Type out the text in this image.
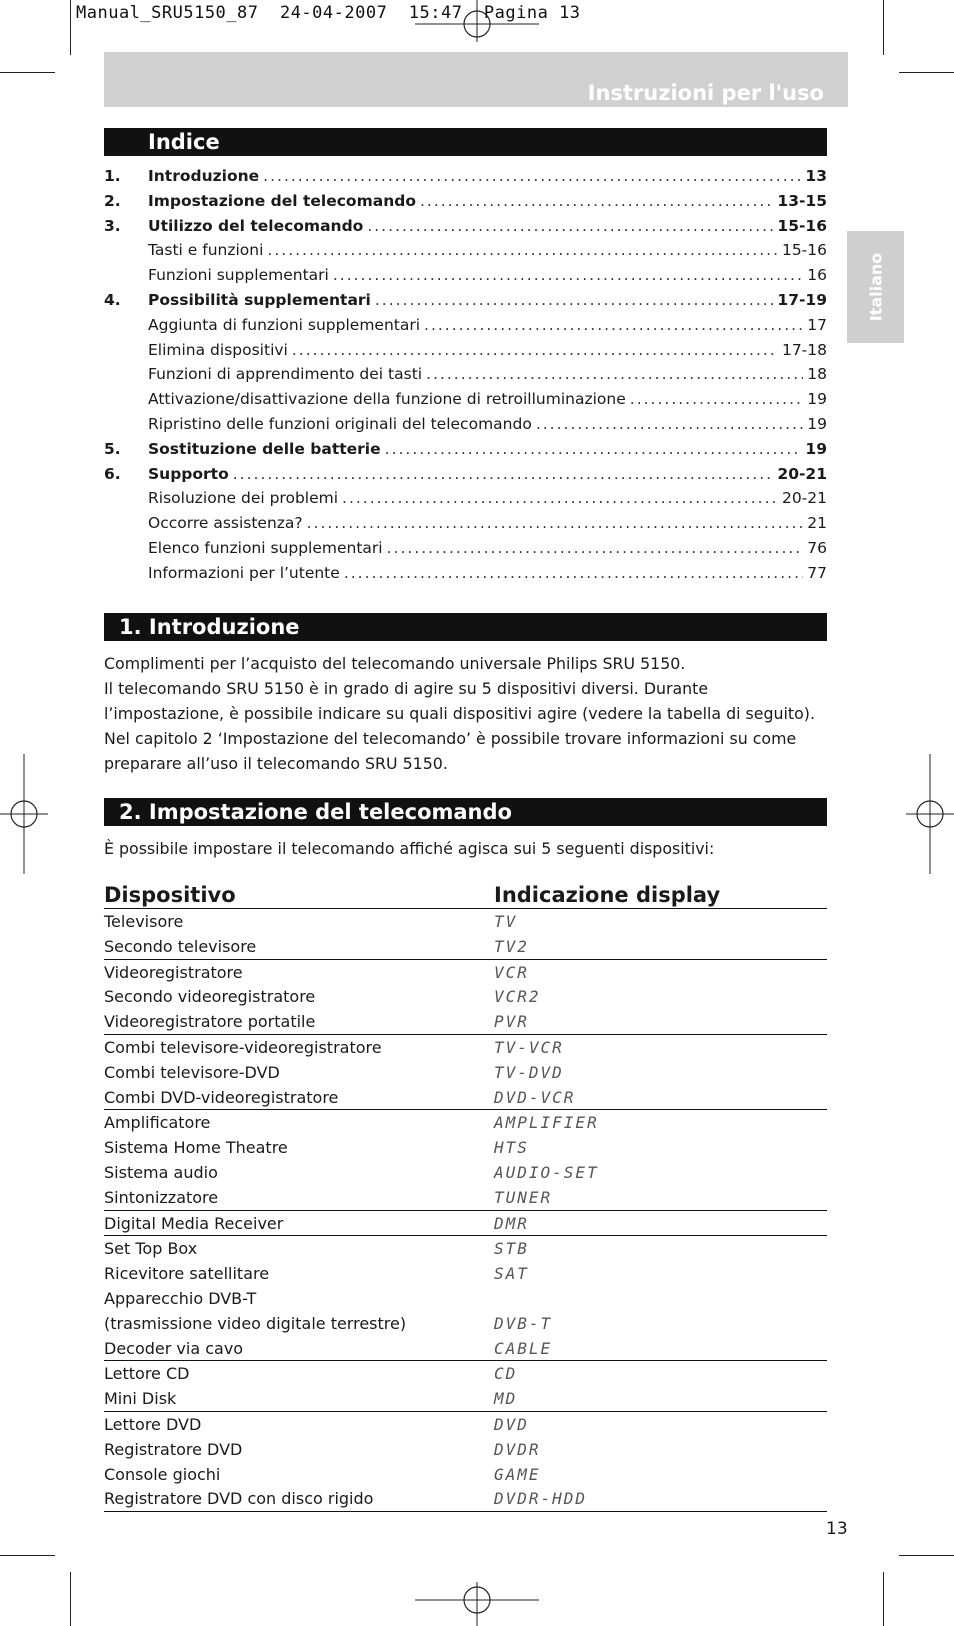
Manual_SRU5150_87  24-04-2007  15:47  Pagina 13
Instruzioni per l'uso
Italiano
Indice
1.	Introduzione .....	13
2.	Impostazione del telecomando .....	13-15
3.	Utilizzo del telecomando .....	15-16
Tasti e funzioni .....	15-16
Funzioni supplementari .....	16
4.	Possibilità supplementari .....	17-19
Aggiunta di funzioni supplementari .....	17
Elimina dispositivi .....	17-18
Funzioni di apprendimento dei tasti .....	18
Attivazione/disattivazione della funzione di retroilluminazione .....	19
Ripristino delle funzioni originali del telecomando .....	19
5.	Sostituzione delle batterie .....	19
6.	Supporto .....	20-21
Risoluzione dei problemi .....	20-21
Occorre assistenza? .....	21
Elenco funzioni supplementari .....	76
Informazioni per l’utente .....	77
1. Introduzione

Complimenti per l’acquisto del telecomando universale Philips SRU 5150.

Il telecomando SRU 5150 è in grado di agire su 5 dispositivi diversi. Durante

l’impostazione, è possibile indicare su quali dispositivi agire (vedere la tabella di seguito).

Nel capitolo 2 ‘Impostazione del telecomando’ è possibile trovare informazioni su come

preparare all’uso il telecomando SRU 5150.

2. Impostazione del telecomando
È possibile impostare il telecomando affiché agisca sui 5 seguenti dispositivi:
Dispositivo	Indicazione display
Televisore	TV
Secondo televisore	TV2
Videoregistratore	VCR
Secondo videoregistratore	VCR2
Videoregistratore portatile	PVR
Combi televisore-videoregistratore	TV-VCR
Combi televisore-DVD	TV-DVD
Combi DVD-videoregistratore	DVD-VCR
Amplificatore	AMPLIFIER
Sistema Home Theatre	HTS
Sistema audio	AUDIO-SET
Sintonizzatore	TUNER
Digital Media Receiver	DMR
Set Top Box	STB
Ricevitore satellitare	SAT
Apparecchio DVB-T
(trasmissione video digitale terrestre)	DVB-T
Decoder via cavo	CABLE
Lettore CD	CD
Mini Disk	MD
Lettore DVD	DVD
Registratore DVD	DVDR
Console giochi	GAME
Registratore DVD con disco rigido	DVDR-HDD
13
